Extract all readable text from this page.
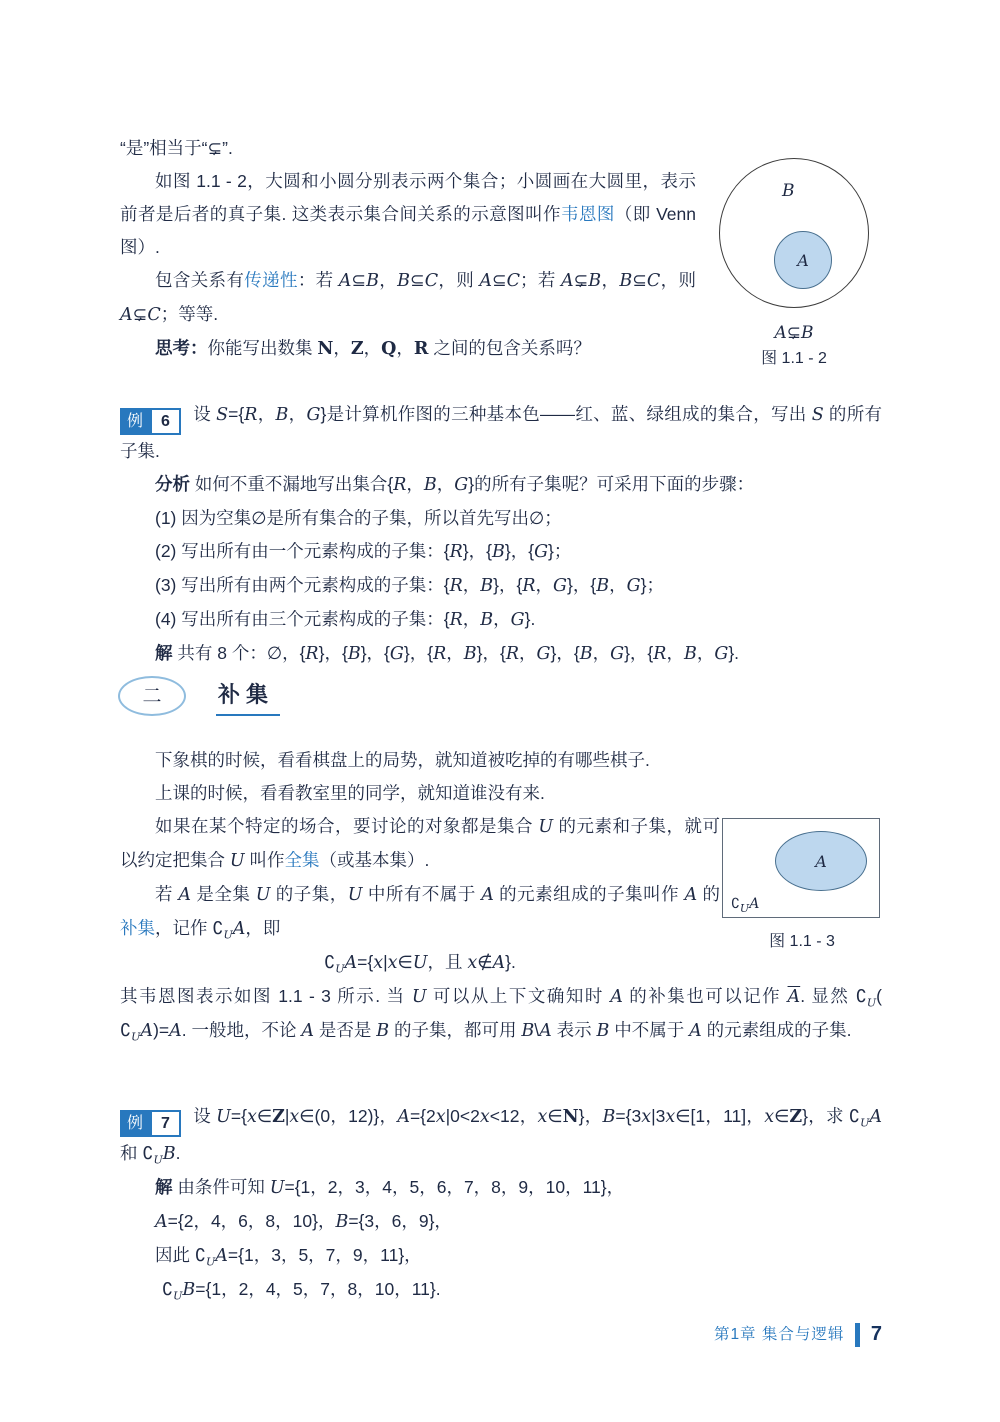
“是”相当于“⊊”.

如图 1.1 - 2，大圆和小圆分别表示两个集合；小圆画在大圆里，表示前者是后者的真子集. 这类表示集合间关系的示意图叫作韦恩图（即 Venn 图）.

包含关系有传递性：若 A⊆B，B⊆C，则 A⊆C；若 A⊊B，B⊆C，则A⊊C；等等.

思考：你能写出数集 N，Z，Q，R 之间的包含关系吗？

B
A
A⊊B
图 1.1 - 2

例	6	设 S={R，B，G}是计算机作图的三种基本色——红、蓝、绿组成的集合，写出 S 的所有子集.

分析 如何不重不漏地写出集合{R，B，G}的所有子集呢？可采用下面的步骤：

(1) 因为空集∅是所有集合的子集，所以首先写出∅；

(2) 写出所有由一个元素构成的子集：{R}，{B}，{G}；

(3) 写出所有由两个元素构成的子集：{R，B}，{R，G}，{B，G}；

(4) 写出所有由三个元素构成的子集：{R，B，G}.

解 共有 8 个：∅，{R}，{B}，{G}，{R，B}，{R，G}，{B，G}，{R，B，G}.

二	补集

下象棋的时候，看看棋盘上的局势，就知道被吃掉的有哪些棋子.

上课的时候，看看教室里的同学，就知道谁没有来.

如果在某个特定的场合，要讨论的对象都是集合 U 的元素和子集，就可以约定把集合 U 叫作全集（或基本集）.

若 A 是全集 U 的子集，U 中所有不属于 A 的元素组成的子集叫作 A 的补集，记作 $∁_UA$，即

$∁_UA=\{x|x\in U$，且 x∉A}.

A
$∁_UA$
图 1.1 - 3

其韦恩图表示如图 1.1 - 3 所示. 当 U 可以从上下文确知时 A 的补集也可以记作 $\overline{A}$. 显然 $∁_U$( $∁_UA)=A$. 一般地，不论 A 是否是 B 的子集，都可用 B\A 表示 B 中不属于 A 的元素组成的子集.

例	7	设 U={x∈Z|x∈(0，12)}，A={2x|0<2x<12，x∈N}，B={3x|3x∈[1，11]，x∈Z}，求 $∁_UA$ 和 $∁_UB$.

解 由条件可知 U={1，2，3，4，5，6，7，8，9，10，11}，

A={2，4，6，8，10}，B={3，6，9}，

因此 $∁_UA=\{1$，3，5，7，9，11}，

$∁_UB=\{1$，2，4，5，7，8，10，11}.

第1章 集合与逻辑 7
